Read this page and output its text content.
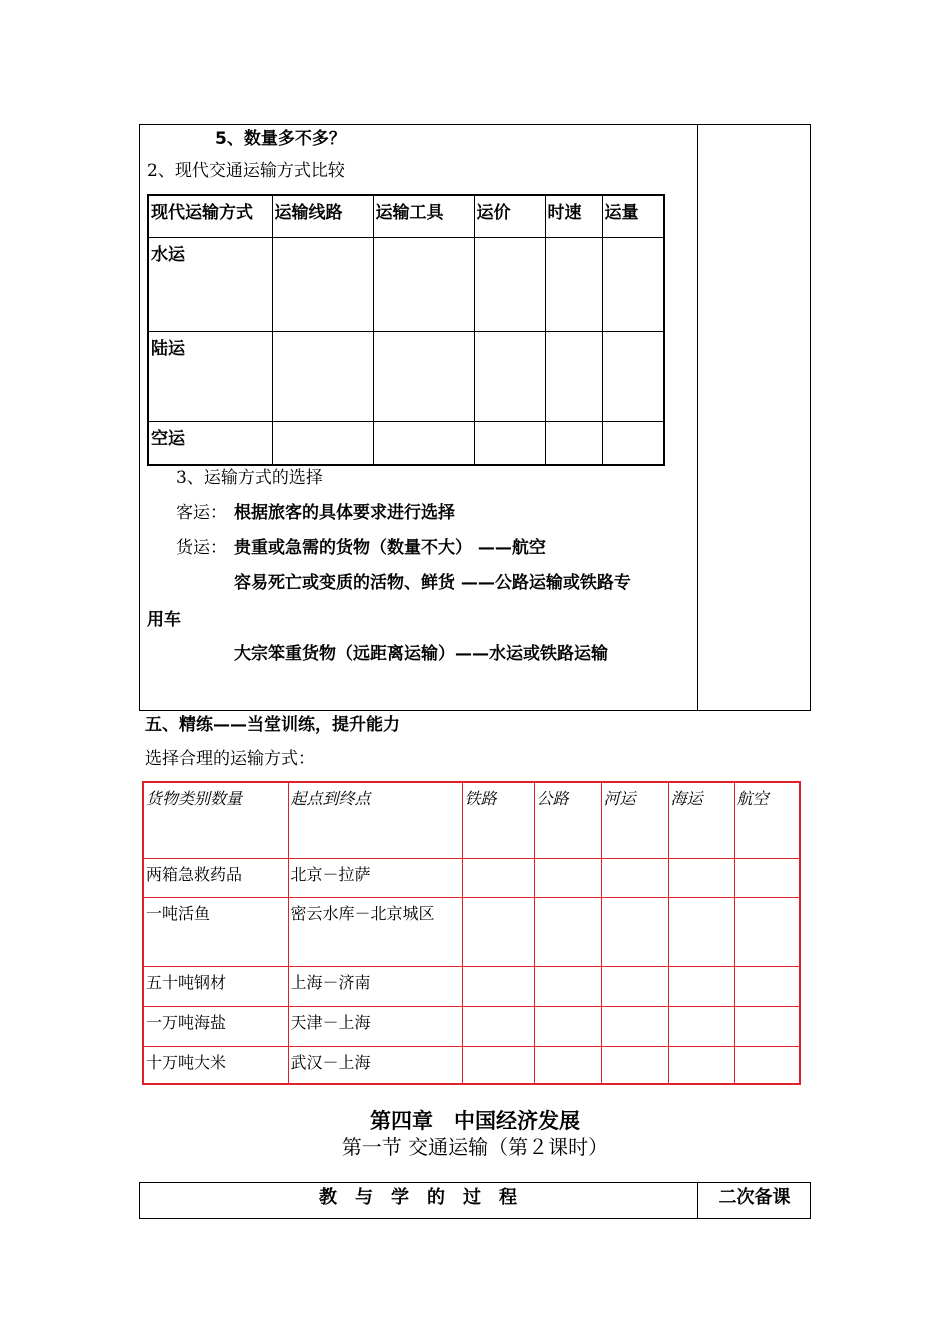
5、数量多不多？
2、现代交通运输方式比较
现代运输方式	运输线路	运输工具	运价	时速	运量
水运					
陆运					
空运					
3、运输方式的选择
客运： 根据旅客的具体要求进行选择
货运： 贵重或急需的货物（数量不大） ——航空
容易死亡或变质的活物、鲜货 ——公路运输或铁路专
用车
大宗笨重货物（远距离运输）——水运或铁路运输
五、精练——当堂训练，提升能力
选择合理的运输方式：
货物类别数量	起点到终点	铁路	公路	河运	海运	航空
两箱急救药品	北京－拉萨					
一吨活鱼	密云水库－北京城区					
五十吨钢材	上海－济南					
一万吨海盐	天津－上海					
十万吨大米	武汉－上海					
第四章　中国经济发展
第一节 交通运输（第２课时）
教　与　学　的　过　程	二次备课
